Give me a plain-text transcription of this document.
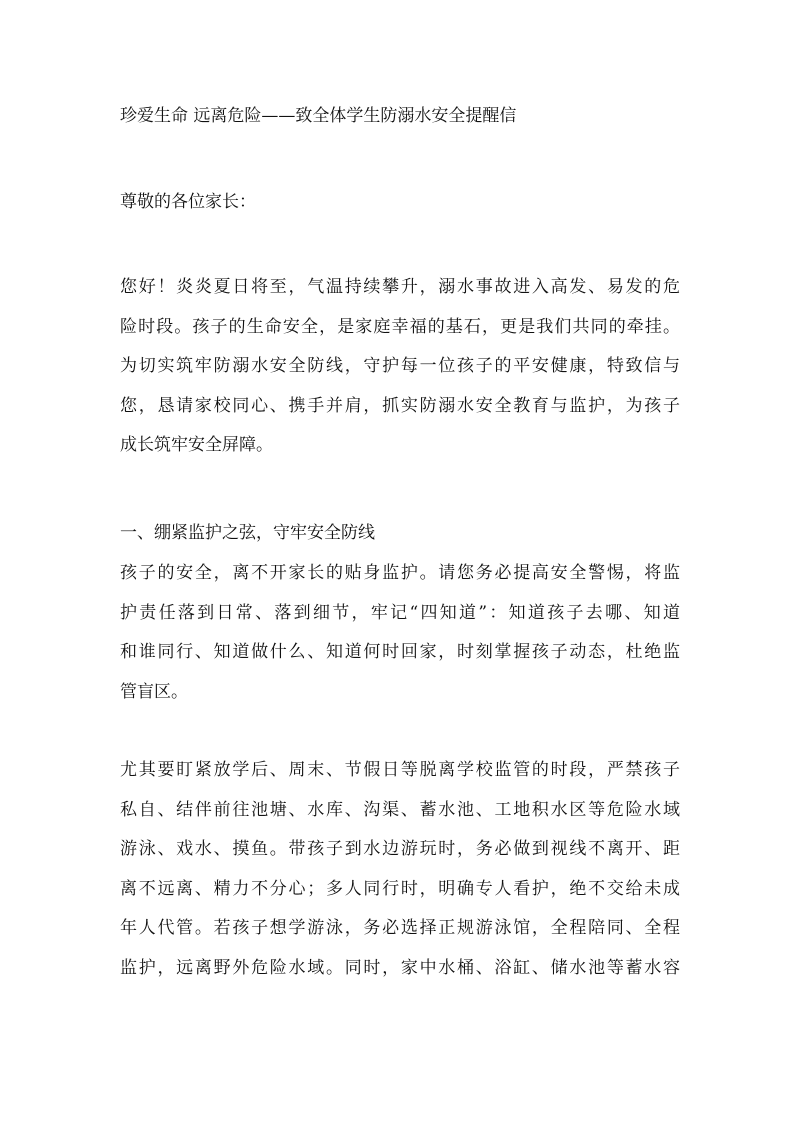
珍爱生命 远离危险——致全体学生防溺水安全提醒信

尊敬的各位家长：

您好！炎炎夏日将至，气温持续攀升，溺水事故进入高发、易发的危
险时段。孩子的生命安全，是家庭幸福的基石，更是我们共同的牵挂。
为切实筑牢防溺水安全防线，守护每一位孩子的平安健康，特致信与
您，恳请家校同心、携手并肩，抓实防溺水安全教育与监护，为孩子
成长筑牢安全屏障。
一、绷紧监护之弦，守牢安全防线
孩子的安全，离不开家长的贴身监护。请您务必提高安全警惕，将监
护责任落到日常、落到细节，牢记“四知道”：知道孩子去哪、知道
和谁同行、知道做什么、知道何时回家，时刻掌握孩子动态，杜绝监
管盲区。
尤其要盯紧放学后、周末、节假日等脱离学校监管的时段，严禁孩子
私自、结伴前往池塘、水库、沟渠、蓄水池、工地积水区等危险水域
游泳、戏水、摸鱼。带孩子到水边游玩时，务必做到视线不离开、距
离不远离、精力不分心；多人同行时，明确专人看护，绝不交给未成
年人代管。若孩子想学游泳，务必选择正规游泳馆，全程陪同、全程
监护，远离野外危险水域。同时，家中水桶、浴缸、储水池等蓄水容
